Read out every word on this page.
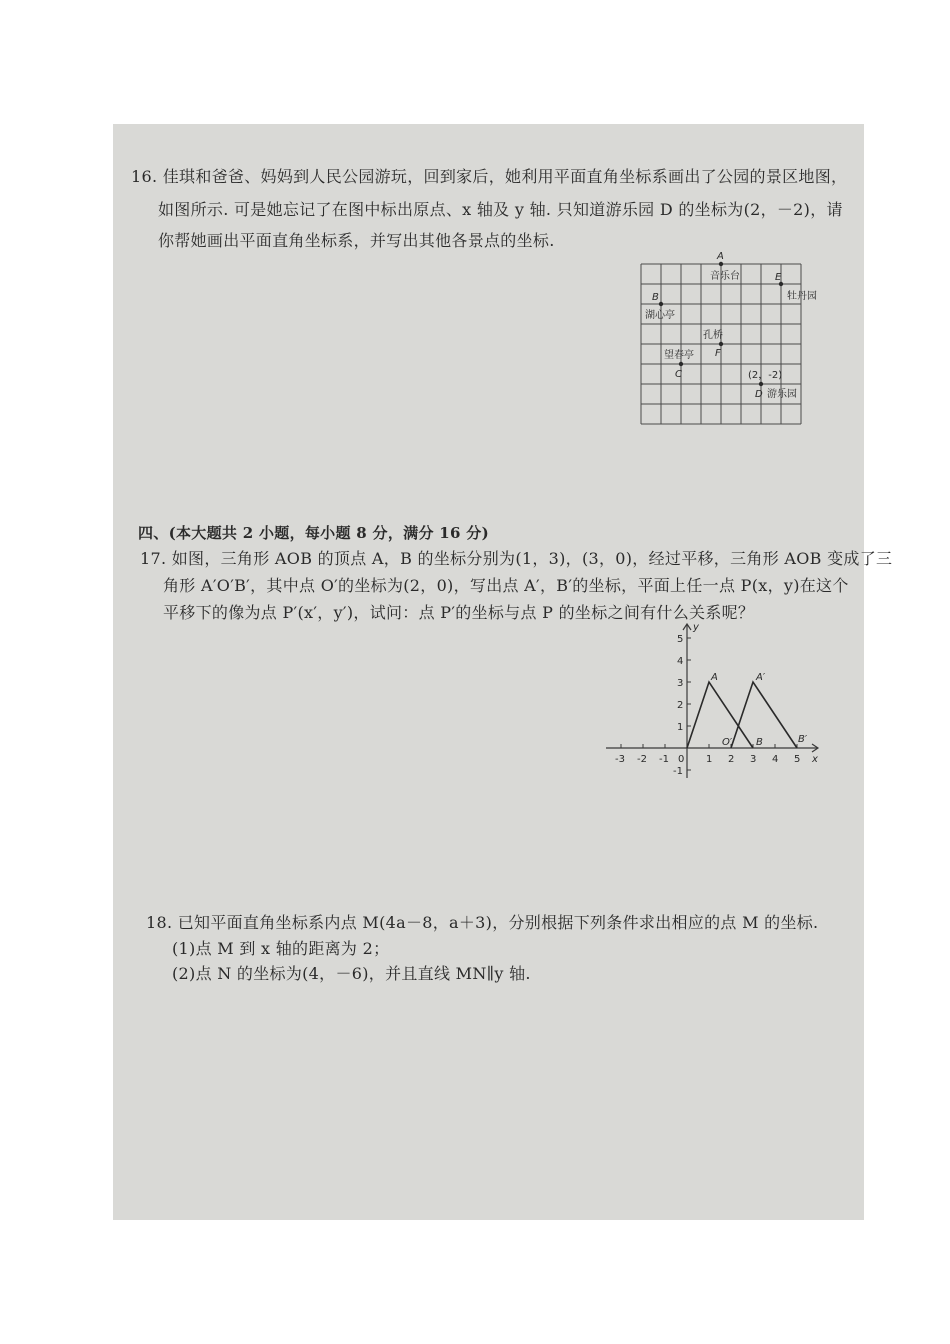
16. 佳琪和爸爸、妈妈到人民公园游玩，回到家后，她利用平面直角坐标系画出了公园的景区地图，
如图所示. 可是她忘记了在图中标出原点、x 轴及 y 轴. 只知道游乐园 D 的坐标为(2，－2)，请
你帮她画出平面直角坐标系，并写出其他各景点的坐标.
A
音乐台	E
牡丹园
B
湖心亭
孔桥
F
望春亭
C	(2，-2)
D 游乐园
四、(本大题共 2 小题，每小题 8 分，满分 16 分)
17. 如图，三角形 AOB 的顶点 A，B 的坐标分别为(1，3)，(3，0)，经过平移，三角形 AOB 变成了三
角形 A′O′B′，其中点 O′的坐标为(2，0)，写出点 A′，B′的坐标，平面上任一点 P(x，y)在这个
平移下的像为点 P′(x′，y′)，试问：点 P′的坐标与点 P 的坐标之间有什么关系呢？
x
y
-3 -2 -1 0 1 2 3 4 5
5
4
3
2
1
-1
A	A′
O′ B	B′
18. 已知平面直角坐标系内点 M(4a－8，a＋3)，分别根据下列条件求出相应的点 M 的坐标.
(1)点 M 到 x 轴的距离为 2；
(2)点 N 的坐标为(4，－6)，并且直线 MN∥y 轴.
